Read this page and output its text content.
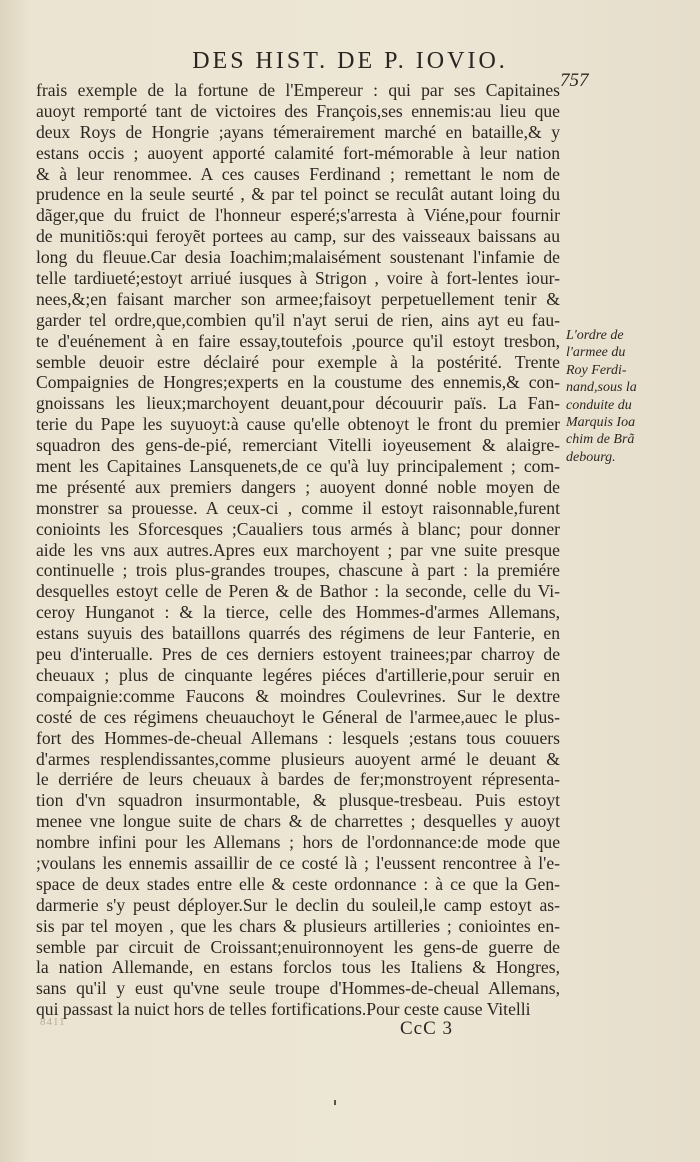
DES HIST. DE P. IOVIO.
757
frais exemple de la fortune de l'Empereur : qui par ses Capitaines
auoyt remporté tant de victoires des François,ses ennemis:au lieu que
deux Roys de Hongrie ;ayans témerairement marché en bataille,& y
estans occis ; auoyent apporté calamité fort-mémorable à leur nation
& à leur renommee. A ces causes Ferdinand ; remettant le nom de
prudence en la seule seurté , & par tel poinct se reculât autant loing du
dãger,que du fruict de l'honneur esperé;s'arresta à Viéne,pour fournir
de munitiõs:qui feroyẽt portees au camp, sur des vaisseaux baissans au
long du fleuue.Car desia Ioachim;malaisément soustenant l'infamie de
telle tardiueté;estoyt arriué iusques à Strigon , voire à fort-lentes iour-
nees,&;en faisant marcher son armee;faisoyt perpetuellement tenir &
garder tel ordre,que,combien qu'il n'ayt serui de rien, ains ayt eu fau-
te d'euénement à en faire essay,toutefois ,pource qu'il estoyt tresbon,
semble deuoir estre déclairé pour exemple à la postérité. Trente
Compaignies de Hongres;experts en la coustume des ennemis,& con-
gnoissans les lieux;marchoyent deuant,pour découurir païs. La Fan-
terie du Pape les suyuoyt:à cause qu'elle obtenoyt le front du premier
squadron des gens-de-pié, remerciant Vitelli ioyeusement & alaigre-
ment les Capitaines Lansquenets,de ce qu'à luy principalement ; com-
me présenté aux premiers dangers ; auoyent donné noble moyen de
monstrer sa prouesse. A ceux-ci , comme il estoyt raisonnable,furent
conioints les Sforcesques ;Caualiers tous armés à blanc; pour donner
aide les vns aux autres.Apres eux marchoyent ; par vne suite presque
continuelle ; trois plus-grandes troupes, chascune à part : la premiére
desquelles estoyt celle de Peren & de Bathor : la seconde, celle du Vi-
ceroy Hunganot : & la tierce, celle des Hommes-d'armes Allemans,
estans suyuis des bataillons quarrés des régimens de leur Fanterie, en
peu d'interualle. Pres de ces derniers estoyent trainees;par charroy de
cheuaux ; plus de cinquante legéres piéces d'artillerie,pour seruir en
compaignie:comme Faucons & moindres Coulevrines. Sur le dextre
costé de ces régimens cheuauchoyt le Géneral de l'armee,auec le plus-
fort des Hommes-de-cheual Allemans : lesquels ;estans tous couuers
d'armes resplendissantes,comme plusieurs auoyent armé le deuant &
le derriére de leurs cheuaux à bardes de fer;monstroyent répresenta-
tion d'vn squadron insurmontable, & plusque-tresbeau. Puis estoyt
menee vne longue suite de chars & de charrettes ; desquelles y auoyt
nombre infini pour les Allemans ; hors de l'ordonnance:de mode que
;voulans les ennemis assaillir de ce costé là ; l'eussent rencontree à l'e-
space de deux stades entre elle & ceste ordonnance : à ce que la Gen-
darmerie s'y peust déployer.Sur le declin du souleil,le camp estoyt as-
sis par tel moyen , que les chars & plusieurs artilleries ; coniointes en-
semble par circuit de Croissant;enuironnoyent les gens-de guerre de
la nation Allemande, en estans forclos tous les Italiens & Hongres,
sans qu'il y eust qu'vne seule troupe d'Hommes-de-cheual Allemans,
qui passast la nuict hors de telles fortifications.Pour ceste cause Vitelli
L'ordre de
l'armee du
Roy Ferdi-
nand,sous la
conduite du
Marquis Ioa
chim de Brã
debourg.
8411	CcC 3
